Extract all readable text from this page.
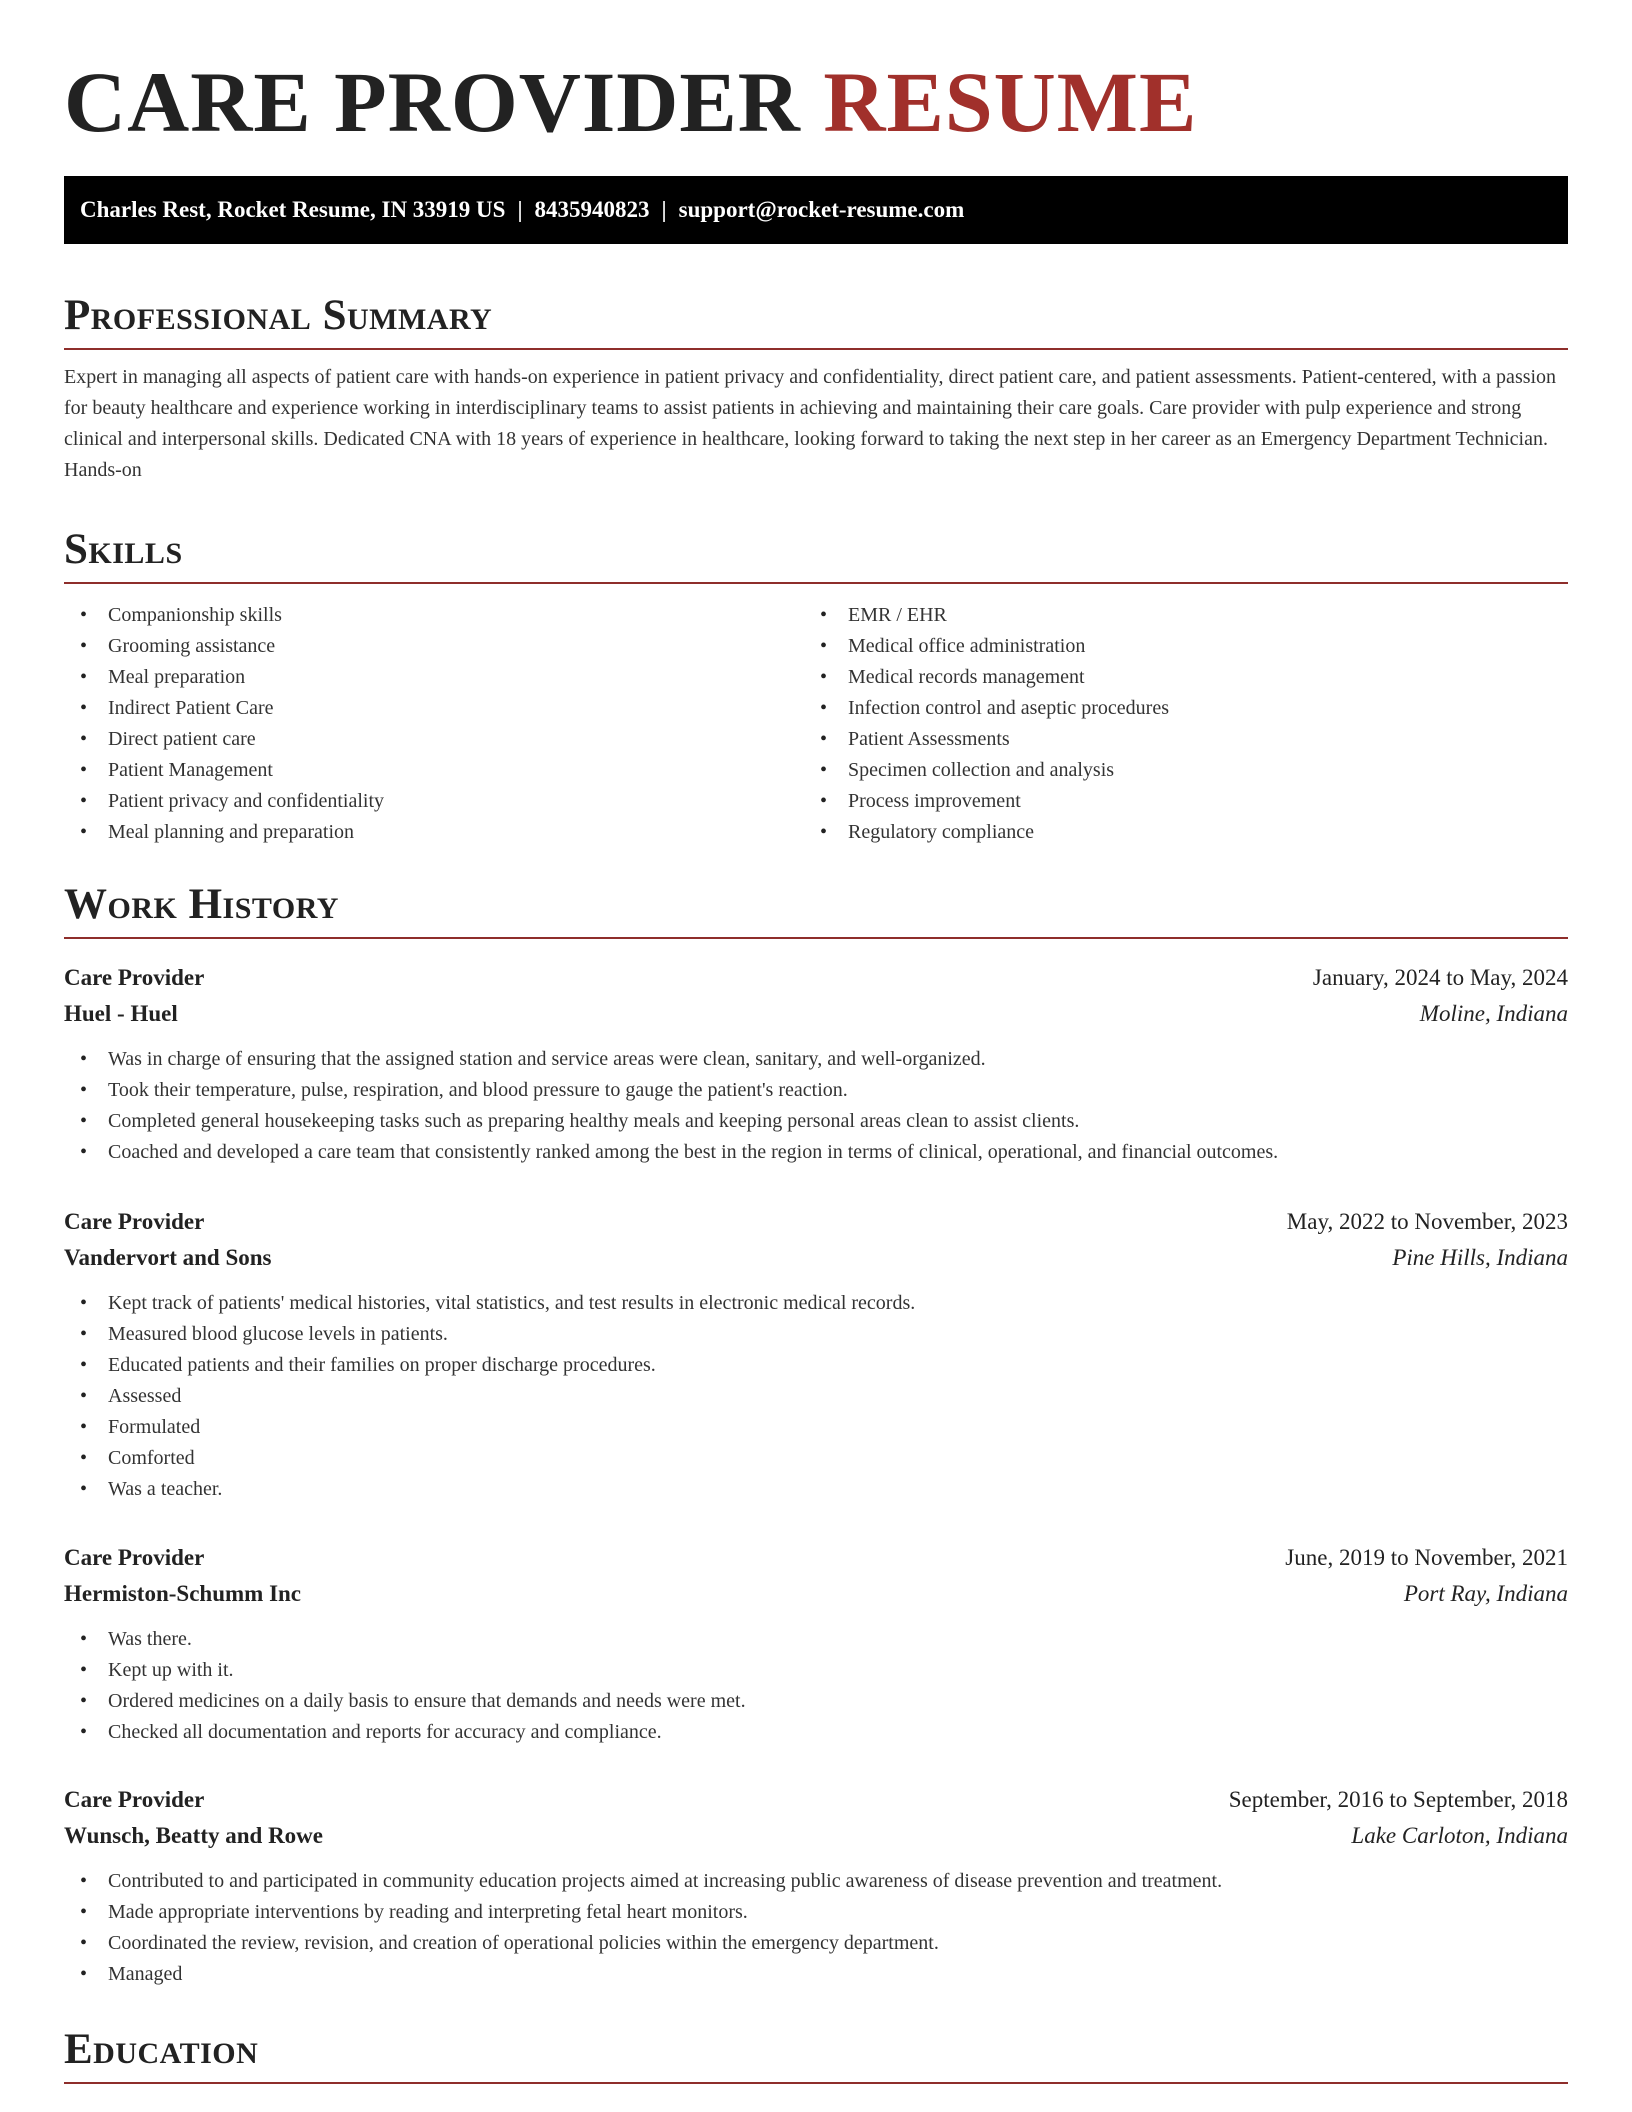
CARE PROVIDER RESUME
Charles Rest, Rocket Resume, IN 33919 US | 8435940823 | support@rocket-resume.com
Professional Summary

Expert in managing all aspects of patient care with hands-on experience in patient privacy and confidentiality, direct patient care, and patient assessments. Patient-centered, with a passion for beauty healthcare and experience working in interdisciplinary teams to assist patients in achieving and maintaining their care goals. Care provider with pulp experience and strong clinical and interpersonal skills. Dedicated CNA with 18 years of experience in healthcare, looking forward to taking the next step in her career as an Emergency Department Technician. Hands-on

Skills
• Companionship skills
• Grooming assistance
• Meal preparation
• Indirect Patient Care
• Direct patient care
• Patient Management
• Patient privacy and confidentiality
• Meal planning and preparation
• EMR / EHR
• Medical office administration
• Medical records management
• Infection control and aseptic procedures
• Patient Assessments
• Specimen collection and analysis
• Process improvement
• Regulatory compliance
Work History
Care Provider	January, 2024 to May, 2024
Huel - Huel	Moline, Indiana
• Was in charge of ensuring that the assigned station and service areas were clean, sanitary, and well-organized.
• Took their temperature, pulse, respiration, and blood pressure to gauge the patient's reaction.
• Completed general housekeeping tasks such as preparing healthy meals and keeping personal areas clean to assist clients.
• Coached and developed a care team that consistently ranked among the best in the region in terms of clinical, operational, and financial outcomes.
Care Provider	May, 2022 to November, 2023
Vandervort and Sons	Pine Hills, Indiana
• Kept track of patients' medical histories, vital statistics, and test results in electronic medical records.
• Measured blood glucose levels in patients.
• Educated patients and their families on proper discharge procedures.
• Assessed
• Formulated
• Comforted
• Was a teacher.
Care Provider	June, 2019 to November, 2021
Hermiston-Schumm Inc	Port Ray, Indiana
• Was there.
• Kept up with it.
• Ordered medicines on a daily basis to ensure that demands and needs were met.
• Checked all documentation and reports for accuracy and compliance.
Care Provider	September, 2016 to September, 2018
Wunsch, Beatty and Rowe	Lake Carloton, Indiana
• Contributed to and participated in community education projects aimed at increasing public awareness of disease prevention and treatment.
• Made appropriate interventions by reading and interpreting fetal heart monitors.
• Coordinated the review, revision, and creation of operational policies within the emergency department.
• Managed
Education
